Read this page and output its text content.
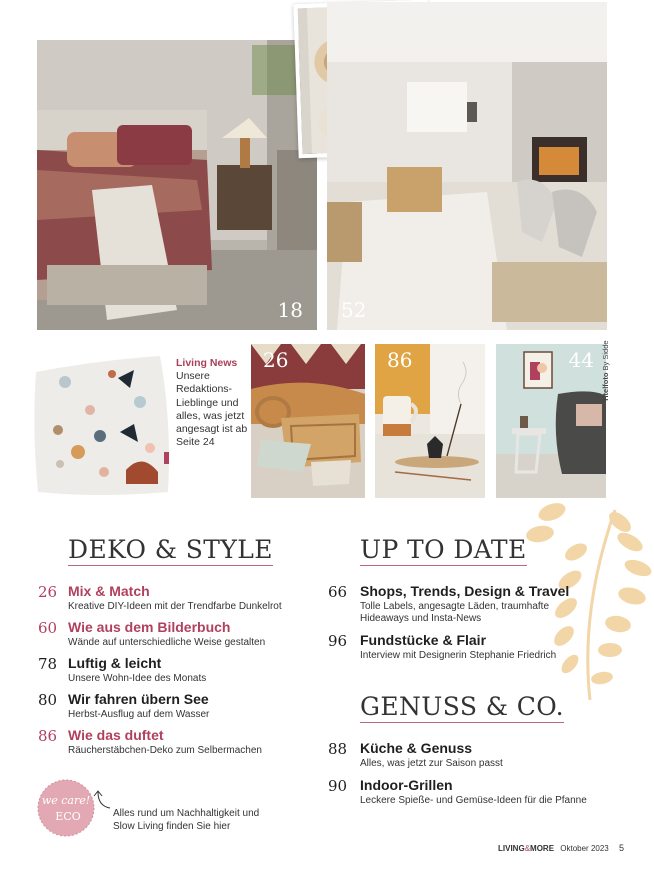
18 52
Living News
Unsere Redaktions-Lieblinge und alles, was jetzt angesagt ist ab Seite 24
26	86	44
Titelfoto By Sidde
DEKO & STYLE	UP TO DATE
GENUSS & CO.
26 Mix & Match
Kreative DIY-Ideen mit der Trendfarbe Dunkelrot
60 Wie aus dem Bilderbuch
Wände auf unterschiedliche Weise gestalten
78 Luftig & leicht
Unsere Wohn-Idee des Monats
80 Wir fahren übern See
Herbst-Ausflug auf dem Wasser
86 Wie das duftet
Räucherstäbchen-Deko zum Selbermachen
66 Shops, Trends, Design & Travel
Tolle Labels, angesagte Läden, traumhafte Hideaways und Insta-News
96 Fundstücke & Flair
Interview mit Designerin Stephanie Friedrich
88 Küche & Genuss
Alles, was jetzt zur Saison passt
90 Indoor-Grillen
Leckere Spieße- und Gemüse-Ideen für die Pfanne
we care!
ECO	Alles rund um Nachhaltigkeit und Slow Living finden Sie hier
LIVING&MORE Oktober 2023 5
